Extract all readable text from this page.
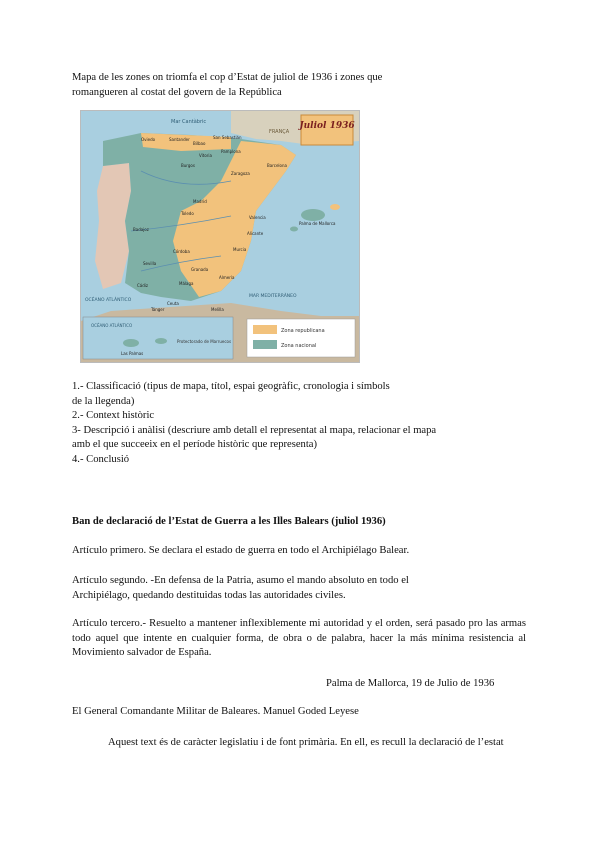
Mapa de les zones on triomfa el cop d’Estat de juliol de 1936 i zones que
romangueren al costat del govern de la República
Juliol 1936
Mar Cantàbric
FRANÇA
OCÉANO ATLÁNTICO
MAR MEDITERRÀNEO
OCÉANO ATLÁNTICO
Protectorado de Marruecos
Zona republicana
Zona nacional
Oviedo	Santander
Bilbao
San Sebastián
Pamplona
Vitoria
Burgos
Zaragoza
Barcelona
Madrid
Valencia
Toledo
Badajoz
Córdoba
Sevilla
Granada
Málaga
Cádiz
Almería
Murcia
Alicante
Palma de Mallorca
Tánger
Ceuta
Melilla
Las Palmas
1.- Classificació (tipus de mapa, títol, espai geogràfic, cronologia i símbols
de la llegenda)
2.- Context històric
3- Descripció i anàlisi (descriure amb detall el representat al mapa, relacionar el mapa
amb el que succeeix en el període històric que representa)
4.- Conclusió
Ban de declaració de l’Estat de Guerra a les Illes Balears (juliol 1936)
Artículo primero. Se declara el estado de guerra en todo el Archipiélago Balear.
Artículo segundo. -En defensa de la Patria, asumo el mando absoluto en todo el
Archipiélago, quedando destituidas todas las autoridades civiles.
Artículo tercero.- Resuelto a mantener inflexiblemente mi autoridad y el orden, será pasado pro las armas todo aquel que intente en cualquier forma, de obra o de palabra, hacer la más mínima resistencia al Movimiento salvador de España.
Palma de Mallorca, 19 de Julio de 1936
El General Comandante Militar de Baleares. Manuel Goded Leyese
Aquest text és de caràcter legislatiu i de font primària. En ell, es recull la declaració de l’estat
